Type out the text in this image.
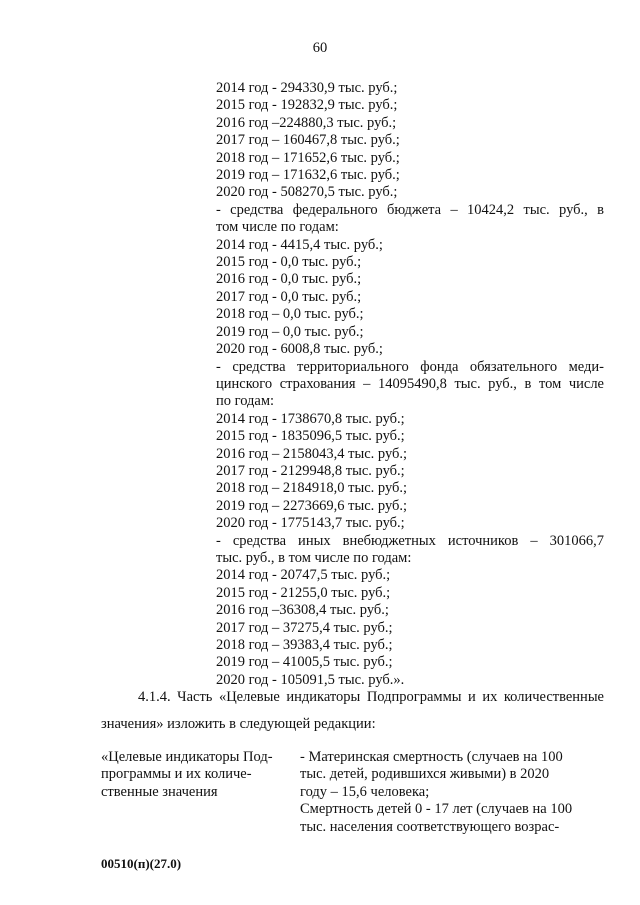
60
2014 год - 294330,9 тыс. руб.;
2015 год - 192832,9 тыс. руб.;
2016 год –224880,3 тыс. руб.;
2017 год – 160467,8 тыс. руб.;
2018 год – 171652,6 тыс. руб.;
2019 год – 171632,6 тыс. руб.;
2020 год - 508270,5 тыс. руб.;
- средства федерального бюджета – 10424,2 тыс. руб., в
том числе по годам:
2014 год - 4415,4 тыс. руб.;
2015 год - 0,0 тыс. руб.;
2016 год - 0,0 тыс. руб.;
2017 год - 0,0 тыс. руб.;
2018 год – 0,0 тыс. руб.;
2019 год – 0,0 тыс. руб.;
2020 год - 6008,8 тыс. руб.;
- средства территориального фонда обязательного меди-
цинского страхования – 14095490,8 тыс. руб., в том числе
по годам:
2014 год - 1738670,8 тыс. руб.;
2015 год - 1835096,5 тыс. руб.;
2016 год – 2158043,4 тыс. руб.;
2017 год - 2129948,8 тыс. руб.;
2018 год – 2184918,0 тыс. руб.;
2019 год – 2273669,6 тыс. руб.;
2020 год - 1775143,7 тыс. руб.;
- средства иных внебюджетных источников – 301066,7
тыс. руб., в том числе по годам:
2014 год - 20747,5 тыс. руб.;
2015 год - 21255,0 тыс. руб.;
2016 год –36308,4 тыс. руб.;
2017 год – 37275,4 тыс. руб.;
2018 год – 39383,4 тыс. руб.;
2019 год – 41005,5 тыс. руб.;
2020 год - 105091,5 тыс. руб.».
4.1.4. Часть «Целевые индикаторы Подпрограммы и их количественные
значения» изложить в следующей редакции:
«Целевые индикаторы Под-
программы и их количе-
ственные значения
- Материнская смертность (случаев на 100
тыс. детей, родившихся живыми) в 2020
году – 15,6 человека;
Смертность детей 0 - 17 лет (случаев на 100
тыс. населения соответствующего возрас-
00510(п)(27.0)
